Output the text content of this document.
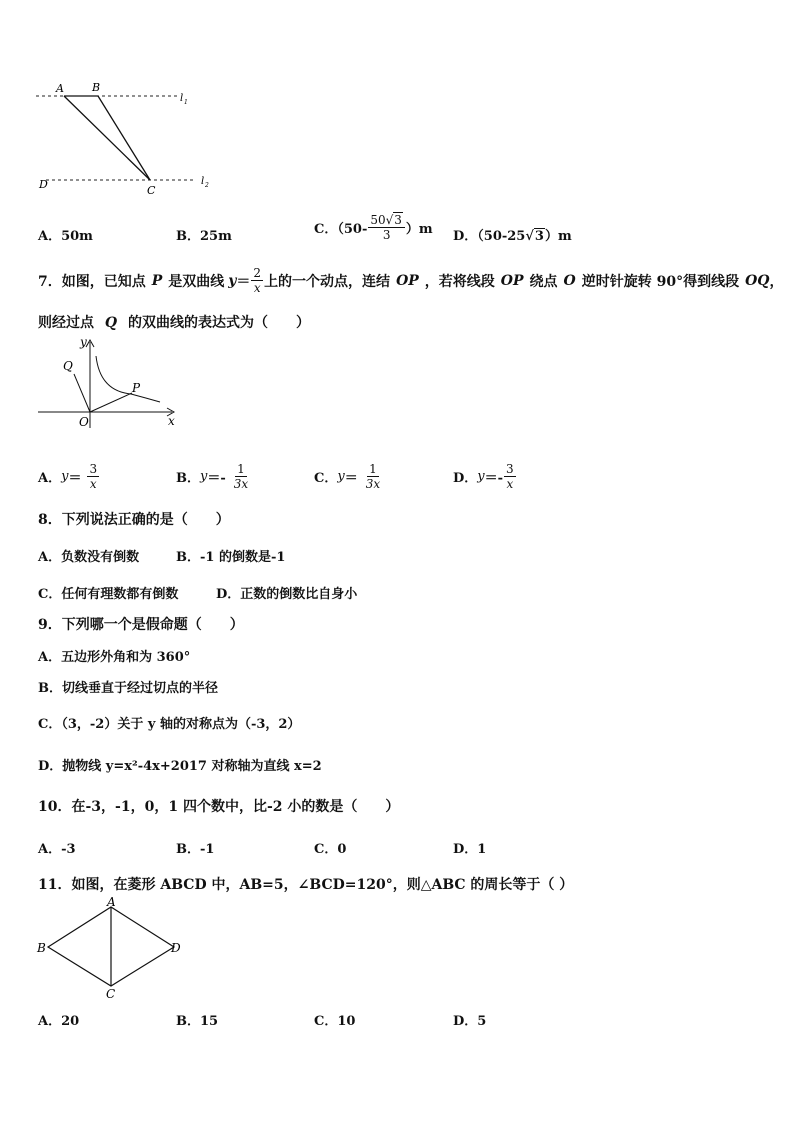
A	B
C
D
l 1
l 2
A．50m	B．25m	C．$(50- \frac{50√3}{3} )m$ D．（50-25√3）m
7．如图，已知点 P 是双曲线 $y = \frac{2}{x}$ 上的一个动点，连结 OP ，若将线段 OP 绕点 O 逆时针旋转 90°得到线段 OQ ，
则经过点 Q 的双曲线的表达式为（　　）
y
Q
P
O	x
A． $y = \frac{3}{x}$	B． $y =- \frac{1}{3x}$	C． $y = \frac{1}{3x}$	D． $y =- \frac{3}{x}$
8．下列说法正确的是（　　）
A．负数没有倒数	B．-1 的倒数是-1
C．任何有理数都有倒数	D．正数的倒数比自身小
9．下列哪一个是假命题（　　）
A．五边形外角和为 360°
B．切线垂直于经过切点的半径
C．（3，-2）关于 y 轴的对称点为（-3，2）
D．抛物线 y=x²-4x+2017 对称轴为直线 x=2
10．在-3，-1，0，1 四个数中，比-2 小的数是（　　）
A．-3	B．-1	C．0	D．1
11．如图，在菱形 ABCD 中，AB=5，∠BCD=120°，则△ABC 的周长等于（ ）
A
B
C
D
A．20	B．15	C．10	D．5
